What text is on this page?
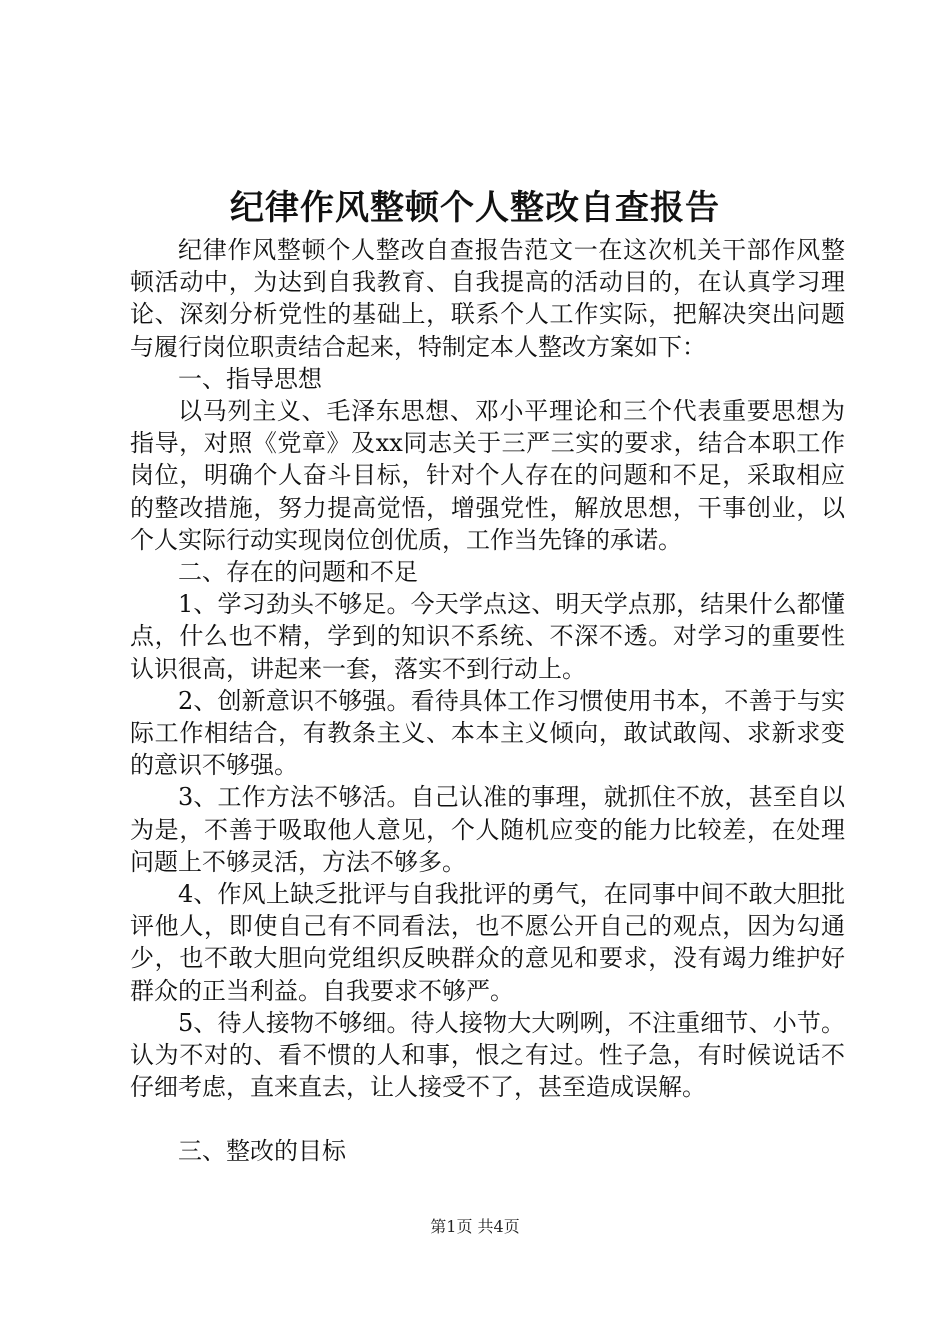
纪律作风整顿个人整改自查报告

纪律作风整顿个人整改自查报告范文一在这次机关干部作风整顿活动中，为达到自我教育、自我提高的活动目的，在认真学习理论、深刻分析党性的基础上，联系个人工作实际，把解决突出问题与履行岗位职责结合起来，特制定本人整改方案如下：

一、指导思想

以马列主义、毛泽东思想、邓小平理论和三个代表重要思想为指导，对照《党章》及xx同志关于三严三实的要求，结合本职工作岗位，明确个人奋斗目标，针对个人存在的问题和不足，采取相应的整改措施，努力提高觉悟，增强党性，解放思想，干事创业，以个人实际行动实现岗位创优质，工作当先锋的承诺。

二、存在的问题和不足

1、学习劲头不够足。今天学点这、明天学点那，结果什么都懂点，什么也不精，学到的知识不系统、不深不透。对学习的重要性认识很高，讲起来一套，落实不到行动上。

2、创新意识不够强。看待具体工作习惯使用书本，不善于与实际工作相结合，有教条主义、本本主义倾向，敢试敢闯、求新求变的意识不够强。

3、工作方法不够活。自己认准的事理，就抓住不放，甚至自以为是，不善于吸取他人意见，个人随机应变的能力比较差，在处理问题上不够灵活，方法不够多。

4、作风上缺乏批评与自我批评的勇气，在同事中间不敢大胆批评他人，即使自己有不同看法，也不愿公开自己的观点，因为勾通少，也不敢大胆向党组织反映群众的意见和要求，没有竭力维护好群众的正当利益。自我要求不够严。

5、待人接物不够细。待人接物大大咧咧，不注重细节、小节。认为不对的、看不惯的人和事，恨之有过。性子急，有时候说话不仔细考虑，直来直去，让人接受不了，甚至造成误解。

三、整改的目标

第1页 共4页
